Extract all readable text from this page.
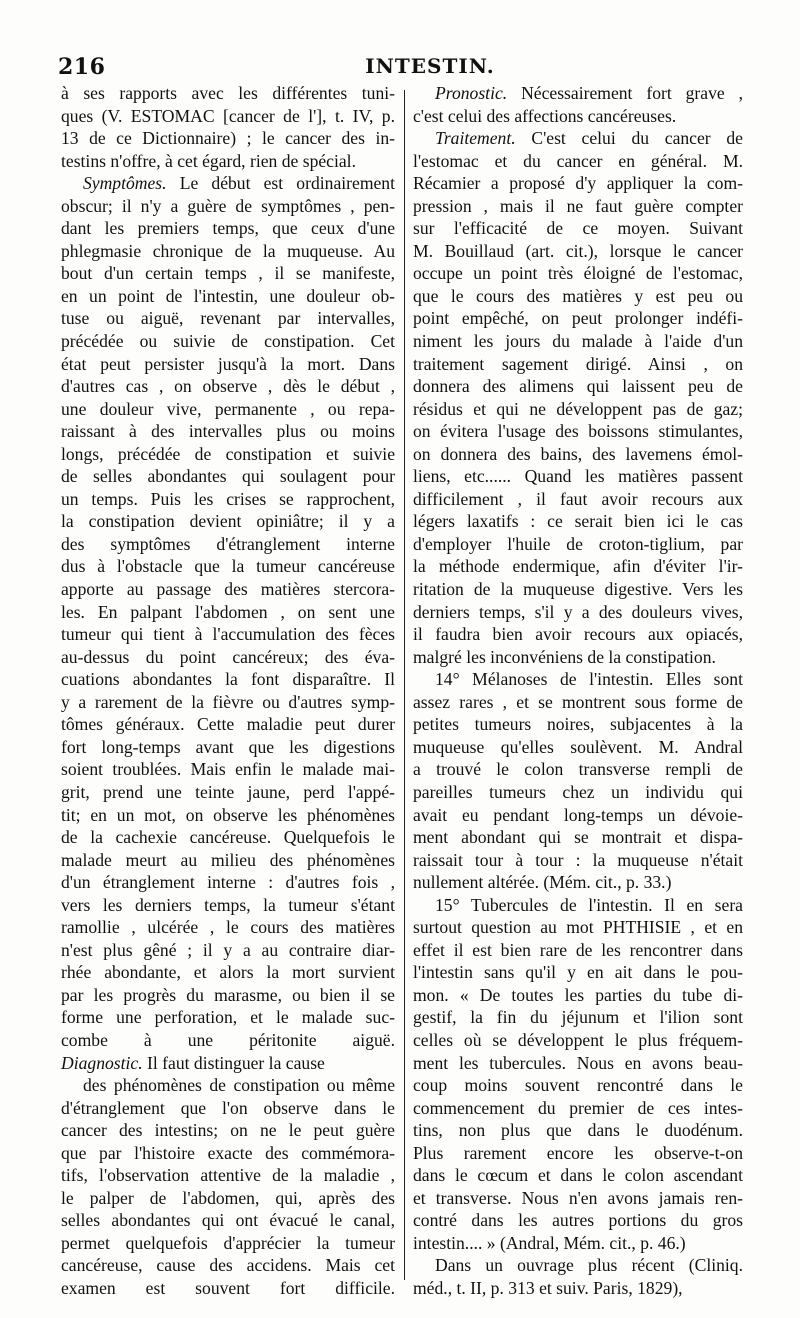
216	INTESTIN.
à ses rapports avec les différentes tuni-
ques (V. ESTOMAC [cancer de l'], t. IV, p.
13 de ce Dictionnaire) ; le cancer des in-
testins n'offre, à cet égard, rien de spécial.
Symptômes. Le début est ordinairement
obscur; il n'y a guère de symptômes , pen-
dant les premiers temps, que ceux d'une
phlegmasie chronique de la muqueuse. Au
bout d'un certain temps , il se manifeste,
en un point de l'intestin, une douleur ob-
tuse ou aiguë, revenant par intervalles,
précédée ou suivie de constipation. Cet
état peut persister jusqu'à la mort. Dans
d'autres cas , on observe , dès le début ,
une douleur vive, permanente , ou repa-
raissant à des intervalles plus ou moins
longs, précédée de constipation et suivie
de selles abondantes qui soulagent pour
un temps. Puis les crises se rapprochent,
la constipation devient opiniâtre; il y a
des symptômes d'étranglement interne
dus à l'obstacle que la tumeur cancéreuse
apporte au passage des matières stercora-
les. En palpant l'abdomen , on sent une
tumeur qui tient à l'accumulation des fèces
au-dessus du point cancéreux; des éva-
cuations abondantes la font disparaître. Il
y a rarement de la fièvre ou d'autres symp-
tômes généraux. Cette maladie peut durer
fort long-temps avant que les digestions
soient troublées. Mais enfin le malade mai-
grit, prend une teinte jaune, perd l'appé-
tit; en un mot, on observe les phénomènes
de la cachexie cancéreuse. Quelquefois le
malade meurt au milieu des phénomènes
d'un étranglement interne : d'autres fois ,
vers les derniers temps, la tumeur s'étant
ramollie , ulcérée , le cours des matières
n'est plus gêné ; il y a au contraire diar-
rhée abondante, et alors la mort survient
par les progrès du marasme, ou bien il se
forme une perforation, et le malade suc-
combe à une péritonite aiguë.
Diagnostic. Il faut distinguer la cause
des phénomènes de constipation ou même
d'étranglement que l'on observe dans le
cancer des intestins; on ne le peut guère
que par l'histoire exacte des commémora-
tifs, l'observation attentive de la maladie ,
le palper de l'abdomen, qui, après des
selles abondantes qui ont évacué le canal,
permet quelquefois d'apprécier la tumeur
cancéreuse, cause des accidens. Mais cet
examen est souvent fort difficile.
Pronostic. Nécessairement fort grave ,
c'est celui des affections cancéreuses.
Traitement. C'est celui du cancer de
l'estomac et du cancer en général. M.
Récamier a proposé d'y appliquer la com-
pression , mais il ne faut guère compter
sur l'efficacité de ce moyen. Suivant
M. Bouillaud (art. cit.), lorsque le cancer
occupe un point très éloigné de l'estomac,
que le cours des matières y est peu ou
point empêché, on peut prolonger indéfi-
niment les jours du malade à l'aide d'un
traitement sagement dirigé. Ainsi , on
donnera des alimens qui laissent peu de
résidus et qui ne développent pas de gaz;
on évitera l'usage des boissons stimulantes,
on donnera des bains, des lavemens émol-
liens, etc...... Quand les matières passent
difficilement , il faut avoir recours aux
légers laxatifs : ce serait bien ici le cas
d'employer l'huile de croton-tiglium, par
la méthode endermique, afin d'éviter l'ir-
ritation de la muqueuse digestive. Vers les
derniers temps, s'il y a des douleurs vives,
il faudra bien avoir recours aux opiacés,
malgré les inconvéniens de la constipation.
14° Mélanoses de l'intestin. Elles sont
assez rares , et se montrent sous forme de
petites tumeurs noires, subjacentes à la
muqueuse qu'elles soulèvent. M. Andral
a trouvé le colon transverse rempli de
pareilles tumeurs chez un individu qui
avait eu pendant long-temps un dévoie-
ment abondant qui se montrait et dispa-
raissait tour à tour : la muqueuse n'était
nullement altérée. (Mém. cit., p. 33.)
15° Tubercules de l'intestin. Il en sera
surtout question au mot PHTHISIE , et en
effet il est bien rare de les rencontrer dans
l'intestin sans qu'il y en ait dans le pou-
mon. « De toutes les parties du tube di-
gestif, la fin du jéjunum et l'ilion sont
celles où se développent le plus fréquem-
ment les tubercules. Nous en avons beau-
coup moins souvent rencontré dans le
commencement du premier de ces intes-
tins, non plus que dans le duodénum.
Plus rarement encore les observe-t-on
dans le cœcum et dans le colon ascendant
et transverse. Nous n'en avons jamais ren-
contré dans les autres portions du gros
intestin.... » (Andral, Mém. cit., p. 46.)
Dans un ouvrage plus récent (Cliniq.
méd., t. II, p. 313 et suiv. Paris, 1829),
